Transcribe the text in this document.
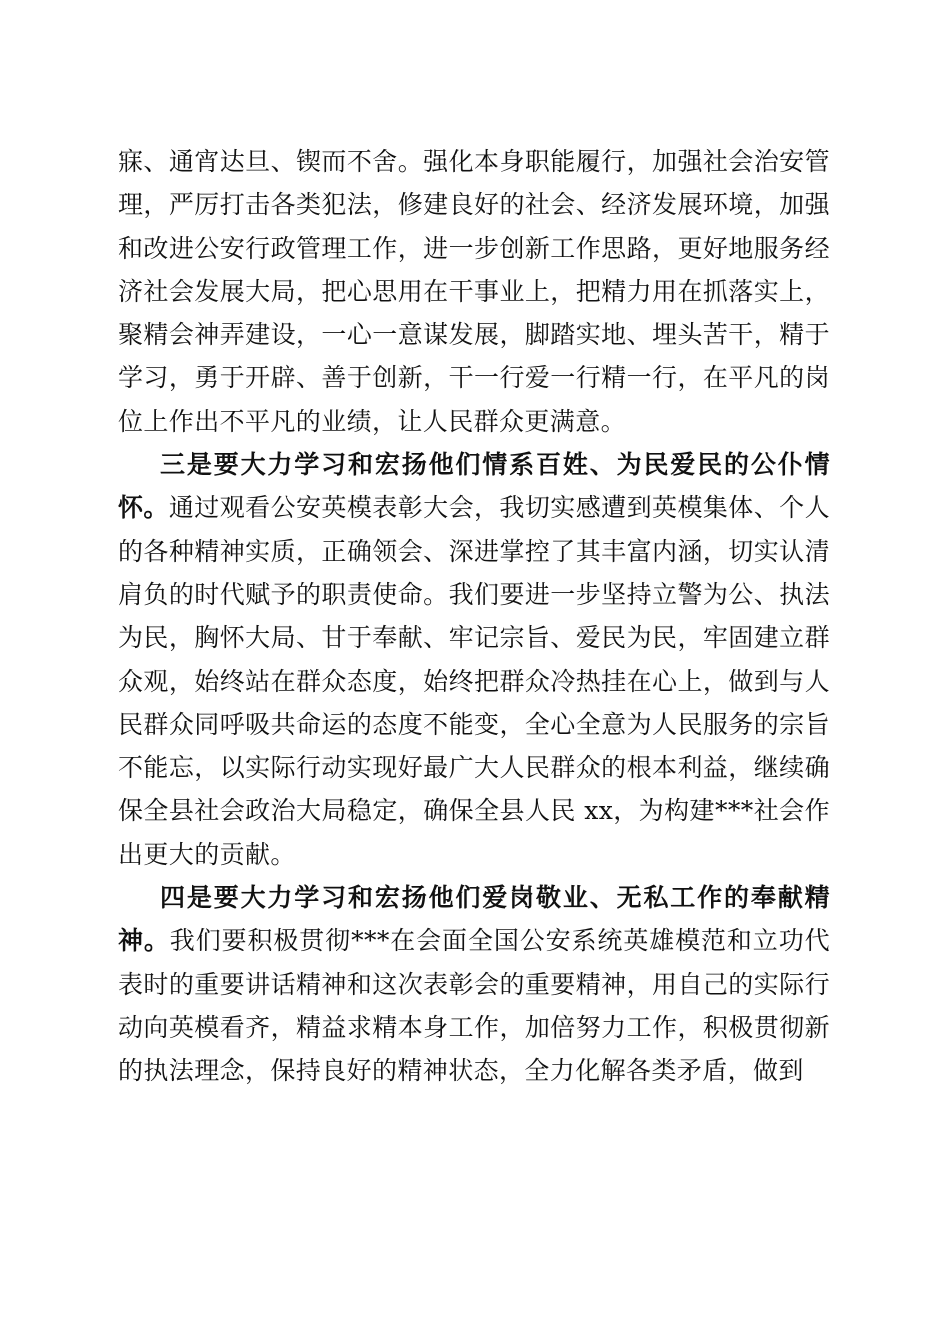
寐、通宵达旦、锲而不舍。强化本身职能履行，加强社会治安管理，严厉打击各类犯法，修建良好的社会、经济发展环境，加强和改进公安行政管理工作，进一步创新工作思路，更好地服务经济社会发展大局，把心思用在干事业上，把精力用在抓落实上，聚精会神弄建设，一心一意谋发展，脚踏实地、埋头苦干，精于学习，勇于开辟、善于创新，干一行爱一行精一行，在平凡的岗位上作出不平凡的业绩，让人民群众更满意。

三是要大力学习和宏扬他们情系百姓、为民爱民的公仆情怀。通过观看公安英模表彰大会，我切实感遭到英模集体、个人的各种精神实质，正确领会、深进掌控了其丰富内涵，切实认清肩负的时代赋予的职责使命。我们要进一步坚持立警为公、执法为民，胸怀大局、甘于奉献、牢记宗旨、爱民为民，牢固建立群众观，始终站在群众态度，始终把群众冷热挂在心上，做到与人民群众同呼吸共命运的态度不能变，全心全意为人民服务的宗旨不能忘，以实际行动实现好最广大人民群众的根本利益，继续确保全县社会政治大局稳定，确保全县人民 xx，为构建***社会作出更大的贡献。

四是要大力学习和宏扬他们爱岗敬业、无私工作的奉献精神。我们要积极贯彻***在会面全国公安系统英雄模范和立功代表时的重要讲话精神和这次表彰会的重要精神，用自己的实际行动向英模看齐，精益求精本身工作，加倍努力工作，积极贯彻新的执法理念，保持良好的精神状态，全力化解各类矛盾，做到
